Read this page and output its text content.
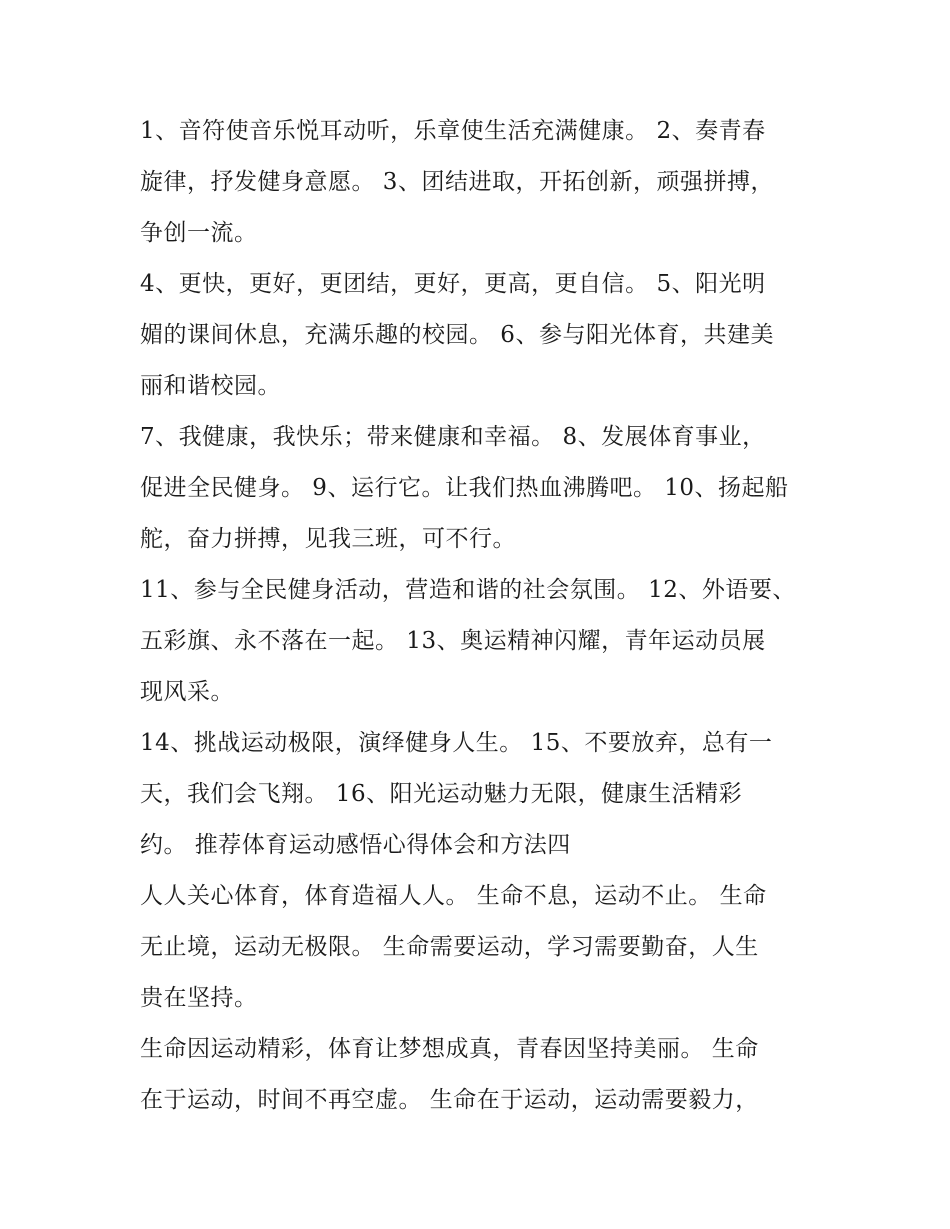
1、音符使音乐悦耳动听，乐章使生活充满健康。 2、奏青春
旋律，抒发健身意愿。 3、团结进取，开拓创新，顽强拼搏，
争创一流。
4、更快，更好，更团结，更好，更高，更自信。 5、阳光明
媚的课间休息，充满乐趣的校园。 6、参与阳光体育，共建美
丽和谐校园。
7、我健康，我快乐；带来健康和幸福。 8、发展体育事业，
促进全民健身。 9、运行它。让我们热血沸腾吧。 10、扬起船
舵，奋力拼搏，见我三班，可不行。
11、参与全民健身活动，营造和谐的社会氛围。 12、外语要、
五彩旗、永不落在一起。 13、奥运精神闪耀，青年运动员展
现风采。
14、挑战运动极限，演绎健身人生。 15、不要放弃，总有一
天，我们会飞翔。 16、阳光运动魅力无限，健康生活精彩
约。 推荐体育运动感悟心得体会和方法四
人人关心体育，体育造福人人。 生命不息，运动不止。 生命
无止境，运动无极限。 生命需要运动，学习需要勤奋，人生
贵在坚持。
生命因运动精彩，体育让梦想成真，青春因坚持美丽。 生命
在于运动，时间不再空虚。 生命在于运动，运动需要毅力，
